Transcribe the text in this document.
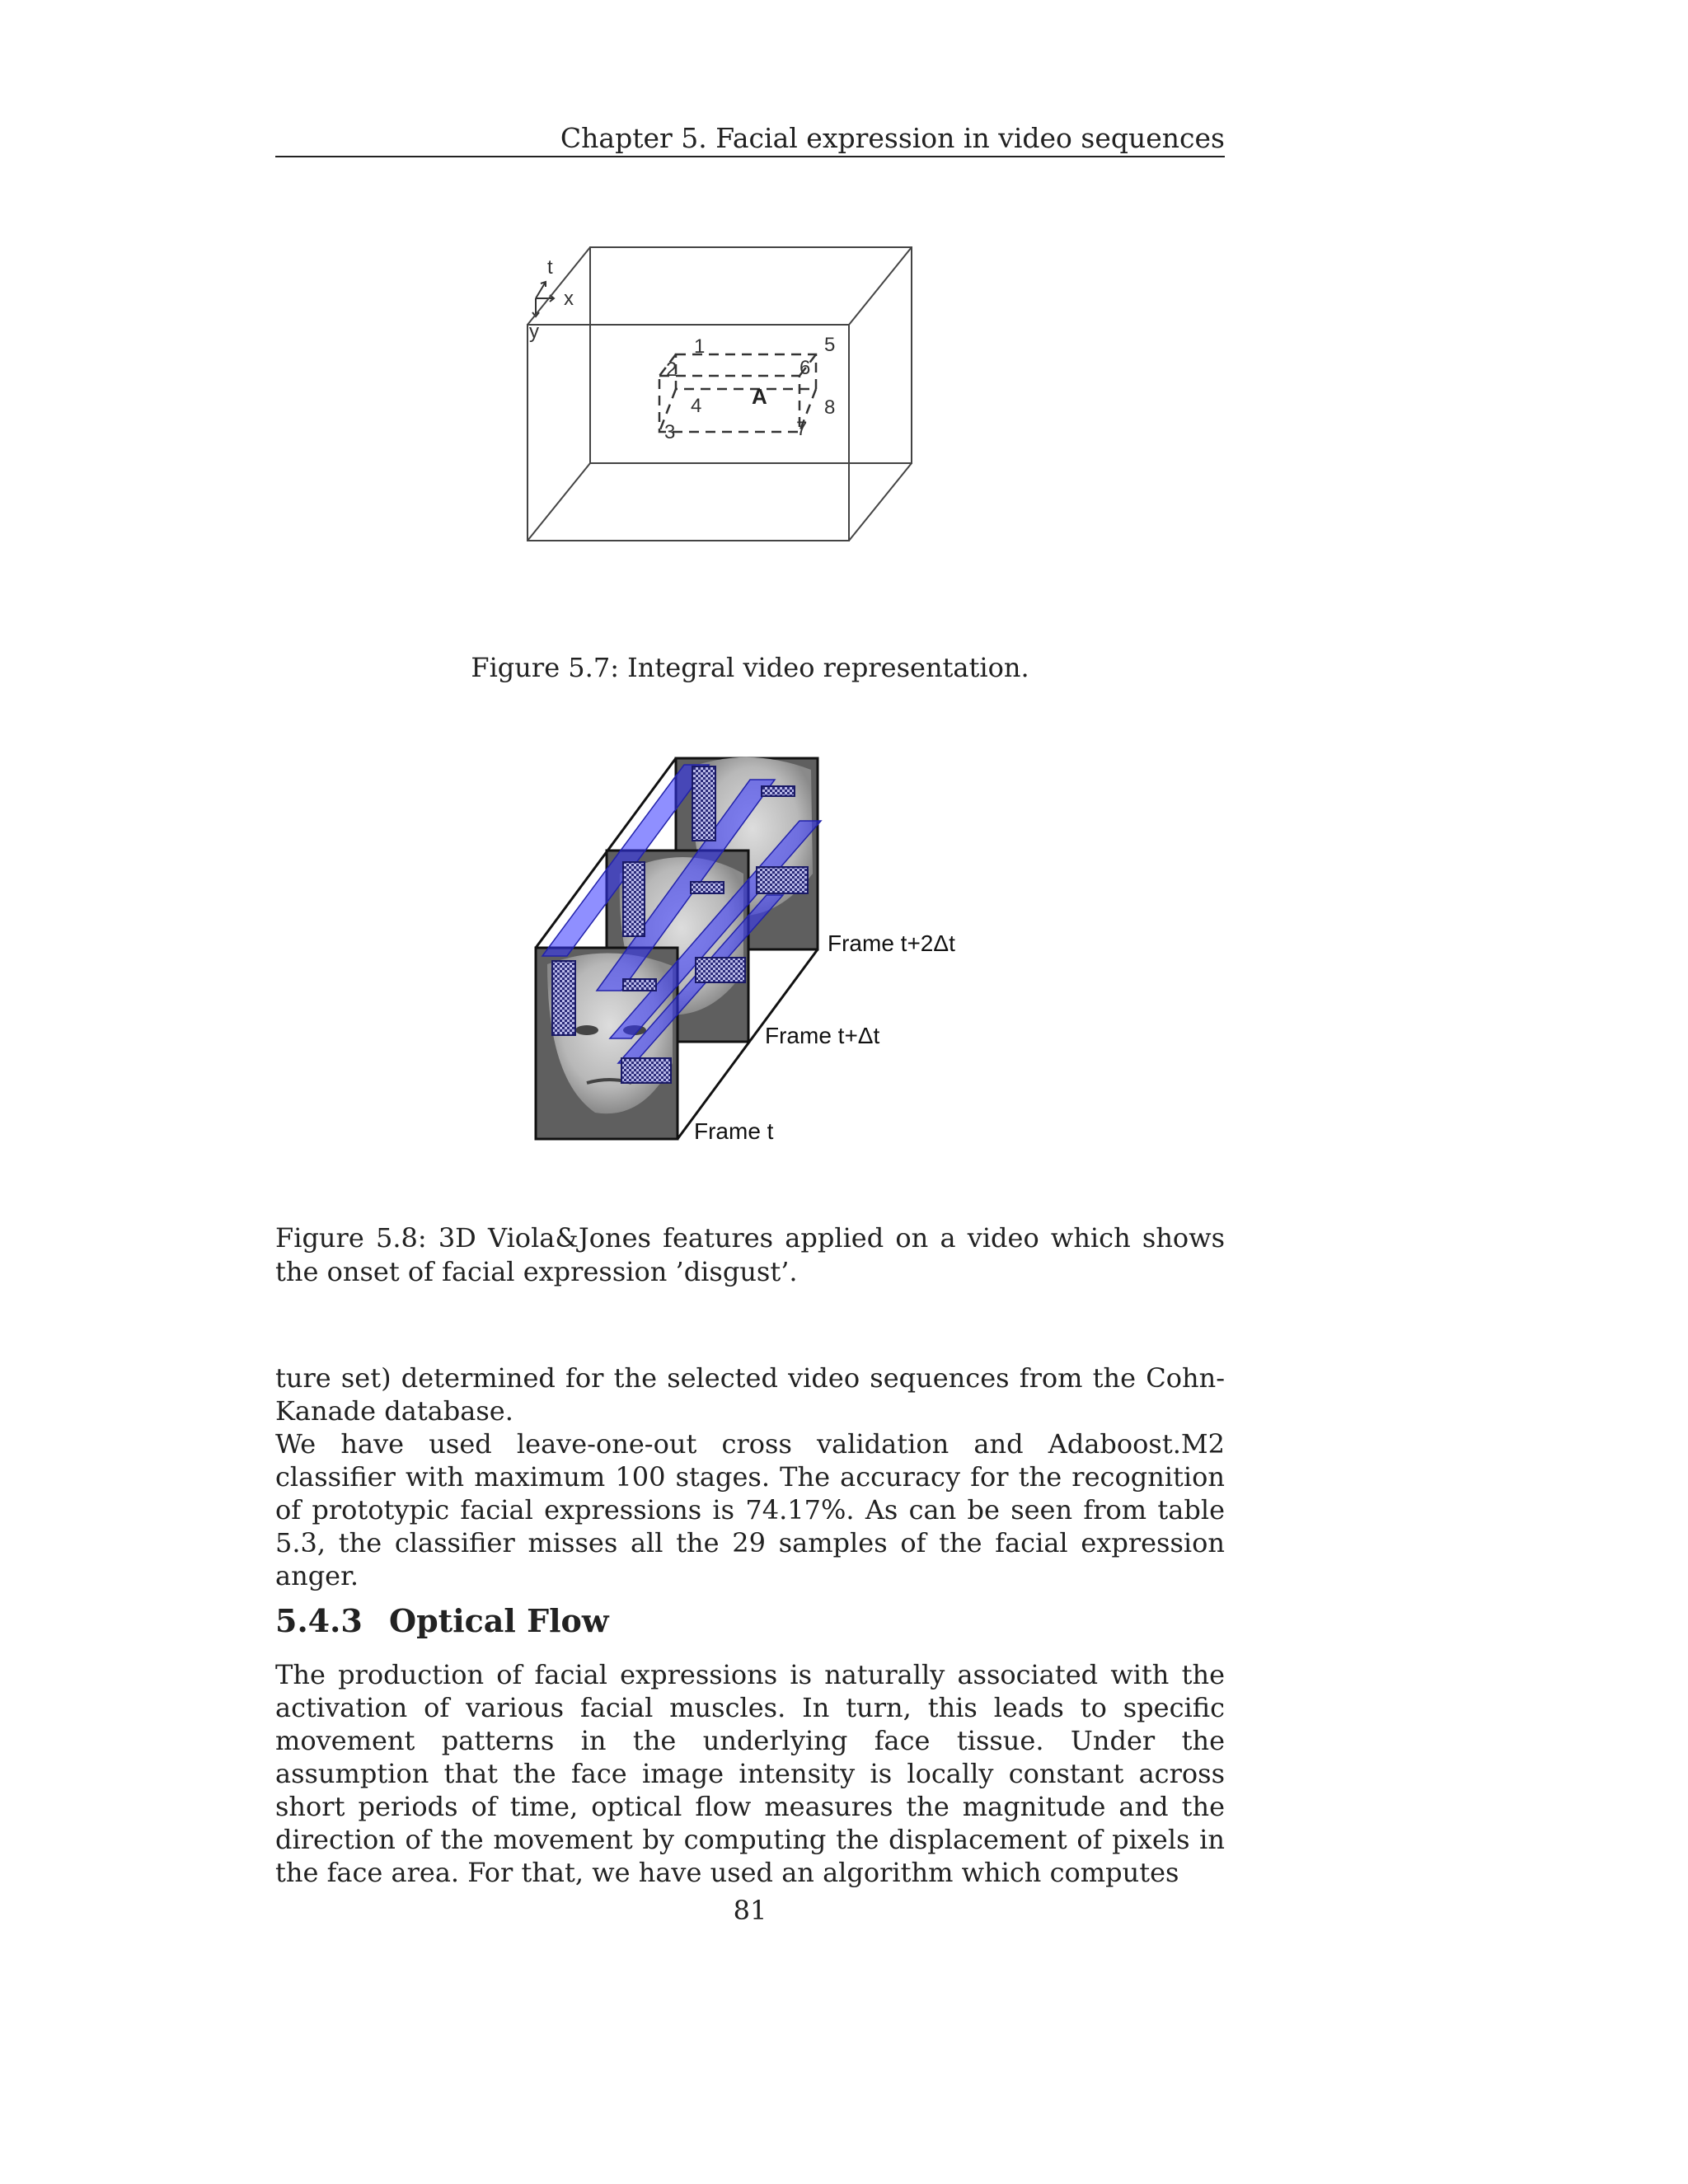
Chapter 5. Facial expression in video sequences
t
x
y
A
1
2
3
4
5
6
7
8
Figure 5.7: Integral video representation.
Frame t
Frame t+Δt
Frame t+2Δt
Figure 5.8: 3D Viola&Jones features applied on a video which shows the onset of facial expression ’disgust’.

ture set) determined for the selected video sequences from the Cohn-Kanade database.

We have used leave-one-out cross validation and Adaboost.M2 classifier with maximum 100 stages. The accuracy for the recognition of prototypic facial expressions is 74.17%. As can be seen from table 5.3, the classifier misses all the 29 samples of the facial expression anger.

5.4.3 Optical Flow

The production of facial expressions is naturally associated with the activation of various facial muscles. In turn, this leads to specific movement patterns in the underlying face tissue. Under the assumption that the face image intensity is locally constant across short periods of time, optical flow measures the magnitude and the direction of the movement by computing the displacement of pixels in the face area. For that, we have used an algorithm which computes

81
